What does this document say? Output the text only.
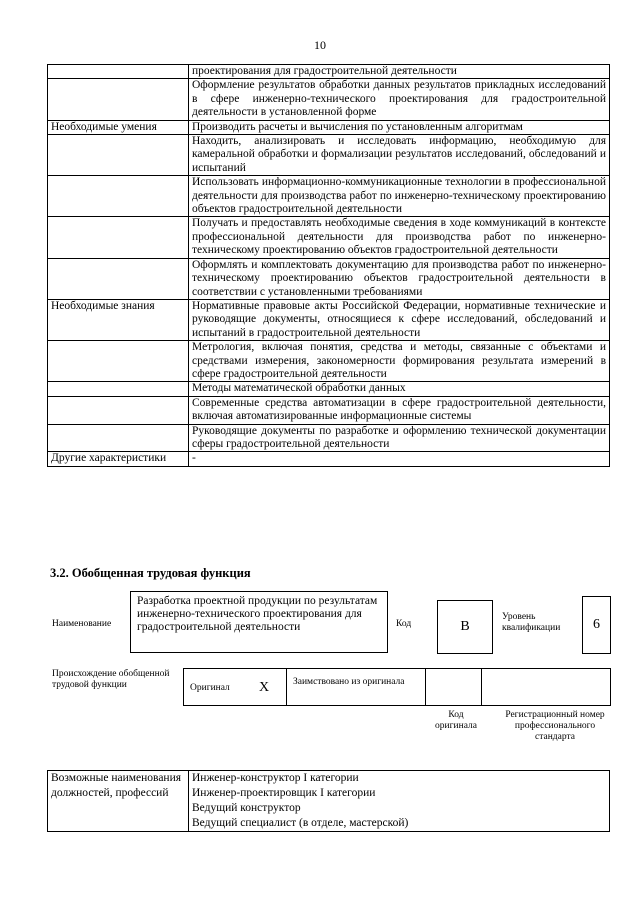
10
	проектирования для градостроительной деятельности
	Оформление результатов обработки данных результатов прикладных исследований в сфере инженерно-технического проектирования для градостроительной деятельности в установленной форме
Необходимые умения	Производить расчеты и вычисления по установленным алгоритмам
	Находить, анализировать и исследовать информацию, необходимую для камеральной обработки и формализации результатов исследований, обследований и испытаний
	Использовать информационно-коммуникационные технологии в профессиональной деятельности для производства работ по инженерно-техническому проектированию объектов градостроительной деятельности
	Получать и предоставлять необходимые сведения в ходе коммуникаций в контексте профессиональной деятельности для производства работ по инженерно-техническому проектированию объектов градостроительной деятельности
	Оформлять и комплектовать документацию для производства работ по инженерно-техническому проектированию объектов градостроительной деятельности в соответствии с установленными требованиями
Необходимые знания	Нормативные правовые акты Российской Федерации, нормативные технические и руководящие документы, относящиеся к сфере исследований, обследований и испытаний в градостроительной деятельности
	Метрология, включая понятия, средства и методы, связанные с объектами и средствами измерения, закономерности формирования результата измерений в сфере градостроительной деятельности
	Методы математической обработки данных
	Современные средства автоматизации в сфере градостроительной деятельности, включая автоматизированные информационные системы
	Руководящие документы по разработке и оформлению технической документации сферы градостроительной деятельности
Другие характеристики	-
3.2. Обобщенная трудовая функция
Наименование
Разработка проектной продукции по результатам инженерно-технического проектирования для градостроительной деятельности	Код	В
Уровень квалификации	6
Происхождение обобщенной трудовой функции	Оригинал X	Заимствовано из оригинала
Код оригинала
Регистрационный номер профессионального стандарта
Возможные наименования должностей, профессий	
Инженер-конструктор I категории
Инженер-проектировщик I категории
Ведущий конструктор
Ведущий специалист (в отделе, мастерской)
